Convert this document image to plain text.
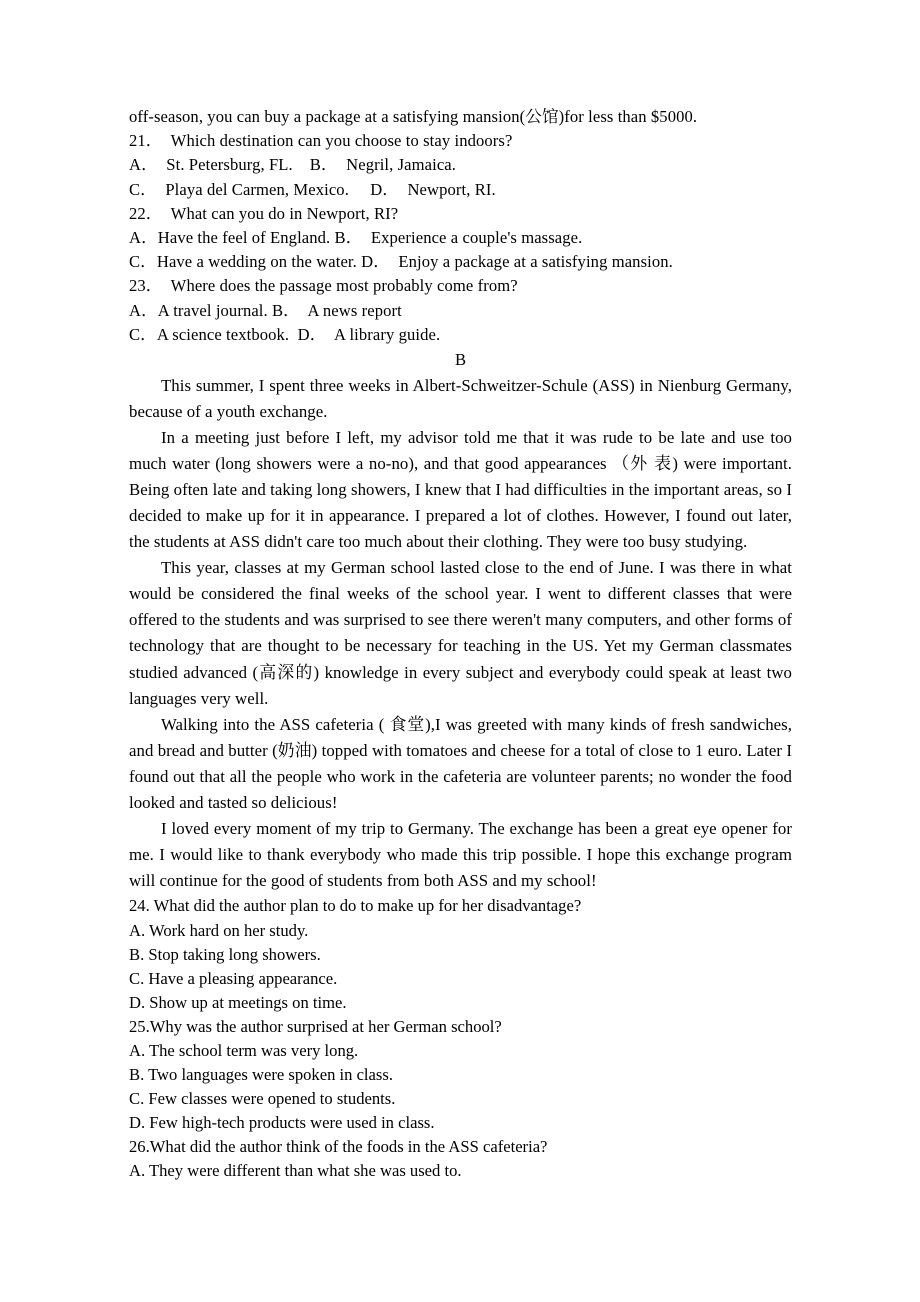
off-season, you can buy a package at a satisfying mansion(公馆)for less than $5000.
21．  Which destination can you choose to stay indoors?
A．  St. Petersburg, FL.    B．  Negril, Jamaica.
C．  Playa del Carmen, Mexico.     D．  Newport, RI.
22．  What can you do in Newport, RI?
A．Have the feel of England. B．  Experience a couple's massage.
C．Have a wedding on the water. D．  Enjoy a package at a satisfying mansion.
23．  Where does the passage most probably come from?
A．A travel journal. B．  A news report
C．A science textbook.  D．  A library guide.
B

This summer, I spent three weeks in Albert-Schweitzer-Schule (ASS) in Nienburg Germany, because of a youth exchange.

In a meeting just before I left, my advisor told me that it was rude to be late and use too much water (long showers were a no-no), and that good appearances （外 表) were important. Being often late and taking long showers, I knew that I had difficulties in the important areas, so I decided to make up for it in appearance. I prepared a lot of clothes. However, I found out later, the students at ASS didn't care too much about their clothing. They were too busy studying.

This year, classes at my German school lasted close to the end of June. I was there in what would be considered the final weeks of the school year. I went to different classes that were offered to the students and was surprised to see there weren't many computers, and other forms of technology that are thought to be necessary for teaching in the US. Yet my German classmates studied advanced (高深的) knowledge in every subject and everybody could speak at least two languages very well.

Walking into the ASS cafeteria ( 食堂),I was greeted with many kinds of fresh sandwiches, and bread and butter (奶油) topped with tomatoes and cheese for a total of close to 1 euro. Later I found out that all the people who work in the cafeteria are volunteer parents; no wonder the food looked and tasted so delicious!

I loved every moment of my trip to Germany. The exchange has been a great eye opener for me. I would like to thank everybody who made this trip possible. I hope this exchange program will continue for the good of students from both ASS and my school!

24. What did the author plan to do to make up for her disadvantage?
A. Work hard on her study.
B. Stop taking long showers.
C. Have a pleasing appearance.
D. Show up at meetings on time.
25.Why was the author surprised at her German school?
A. The school term was very long.
B. Two languages were spoken in class.
C. Few classes were opened to students.
D. Few high-tech products were used in class.
26.What did the author think of the foods in the ASS cafeteria?
A. They were different than what she was used to.
